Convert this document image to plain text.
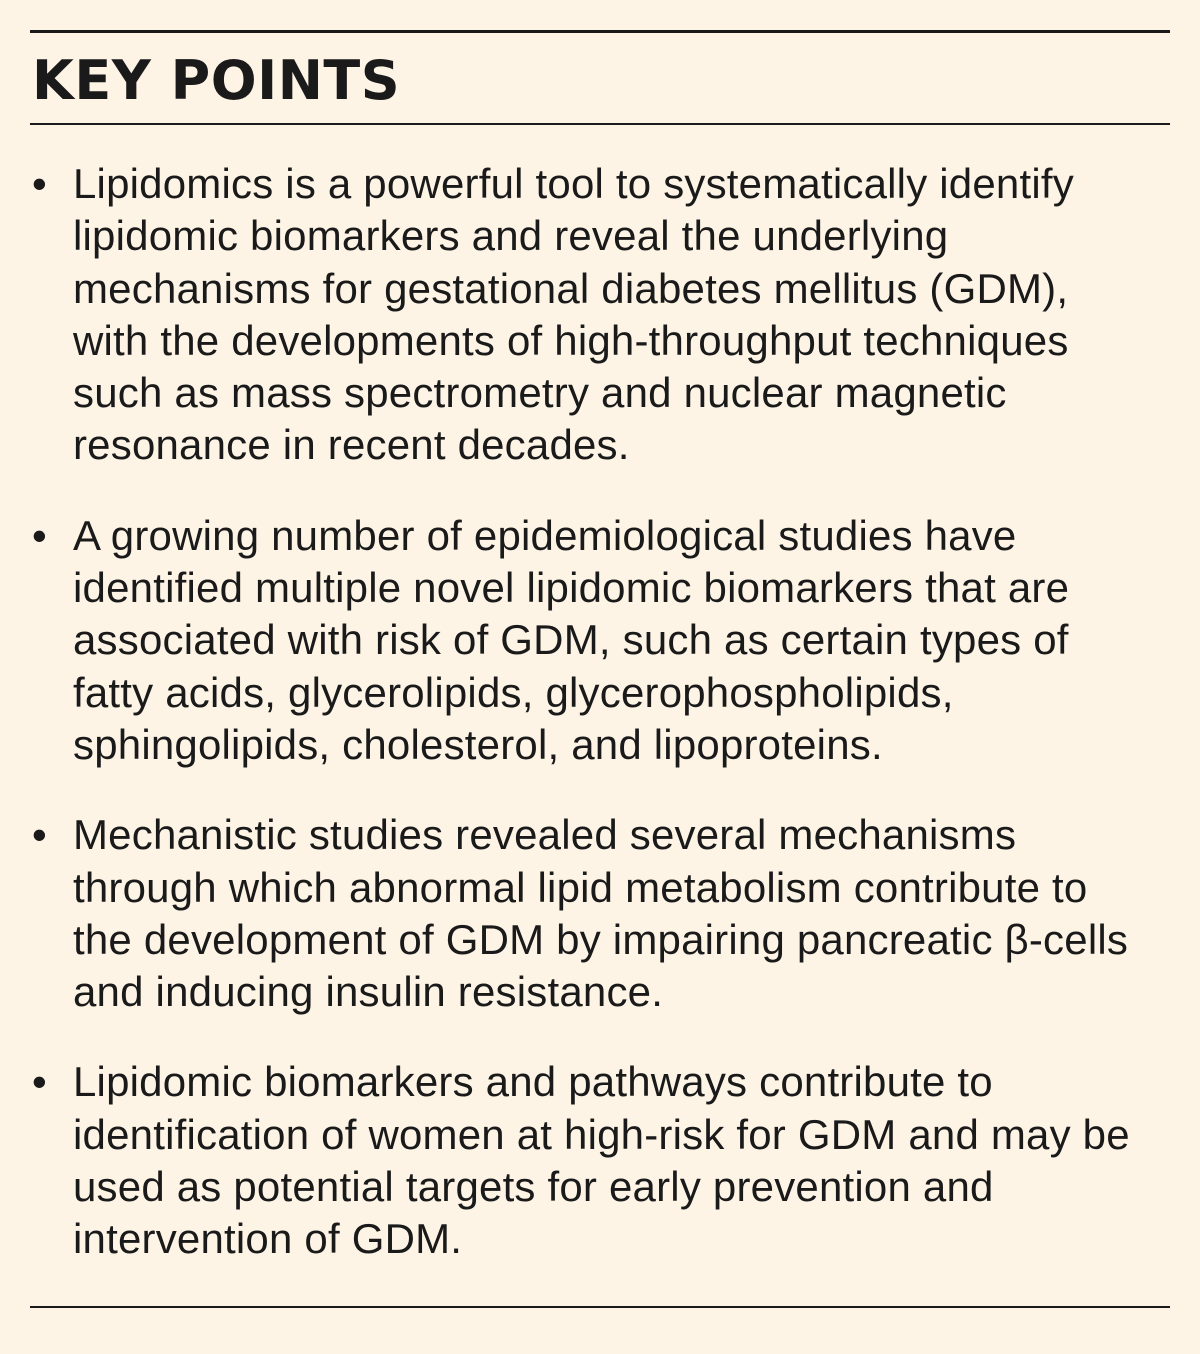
KEY POINTS
• Lipidomics is a powerful tool to systematically identify lipidomic biomarkers and reveal the underlying mechanisms for gestational diabetes mellitus (GDM), with the developments of high-throughput techniques such as mass spectrometry and nuclear magnetic resonance in recent decades.
• A growing number of epidemiological studies have identified multiple novel lipidomic biomarkers that are associated with risk of GDM, such as certain types of fatty acids, glycerolipids, glycerophospholipids, sphingolipids, cholesterol, and lipoproteins.
• Mechanistic studies revealed several mechanisms through which abnormal lipid metabolism contribute to the development of GDM by impairing pancreatic β-cells and inducing insulin resistance.
• Lipidomic biomarkers and pathways contribute to identification of women at high-risk for GDM and may be used as potential targets for early prevention and intervention of GDM.
